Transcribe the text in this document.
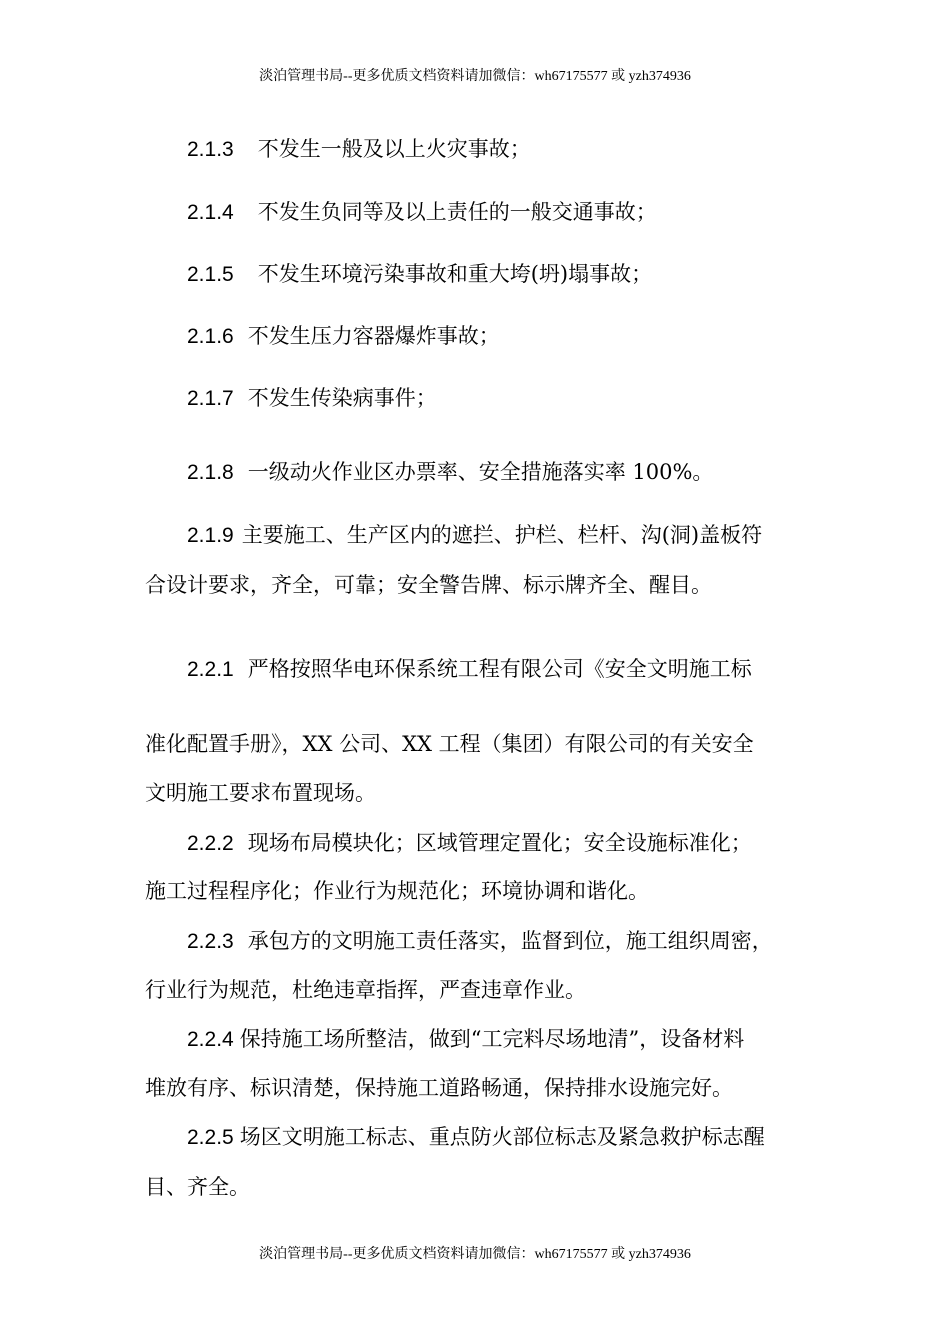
淡泊管理书局--更多优质文档资料请加微信：wh67175577 或 yzh374936
2.1.3 不发生一般及以上火灾事故；
2.1.4 不发生负同等及以上责任的一般交通事故；
2.1.5 不发生环境污染事故和重大垮(坍)塌事故；
2.1.6 不发生压力容器爆炸事故；
2.1.7 不发生传染病事件；
2.1.8 一级动火作业区办票率、安全措施落实率 100%。
2.1.9 主要施工、生产区内的遮拦、护栏、栏杆、沟(洞)盖板符
合设计要求，齐全，可靠；安全警告牌、标示牌齐全、醒目。
2.2.1 严格按照华电环保系统工程有限公司《安全文明施工标
准化配置手册》，XX 公司、XX 工程（集团）有限公司的有关安全
文明施工要求布置现场。
2.2.2 现场布局模块化；区域管理定置化；安全设施标准化；
施工过程程序化；作业行为规范化；环境协调和谐化。
2.2.3 承包方的文明施工责任落实，监督到位，施工组织周密，
行业行为规范，杜绝违章指挥，严查违章作业。
2.2.4 保持施工场所整洁，做到“工完料尽场地清”，设备材料
堆放有序、标识清楚，保持施工道路畅通，保持排水设施完好。
2.2.5 场区文明施工标志、重点防火部位标志及紧急救护标志醒
目、齐全。
淡泊管理书局--更多优质文档资料请加微信：wh67175577 或 yzh374936
